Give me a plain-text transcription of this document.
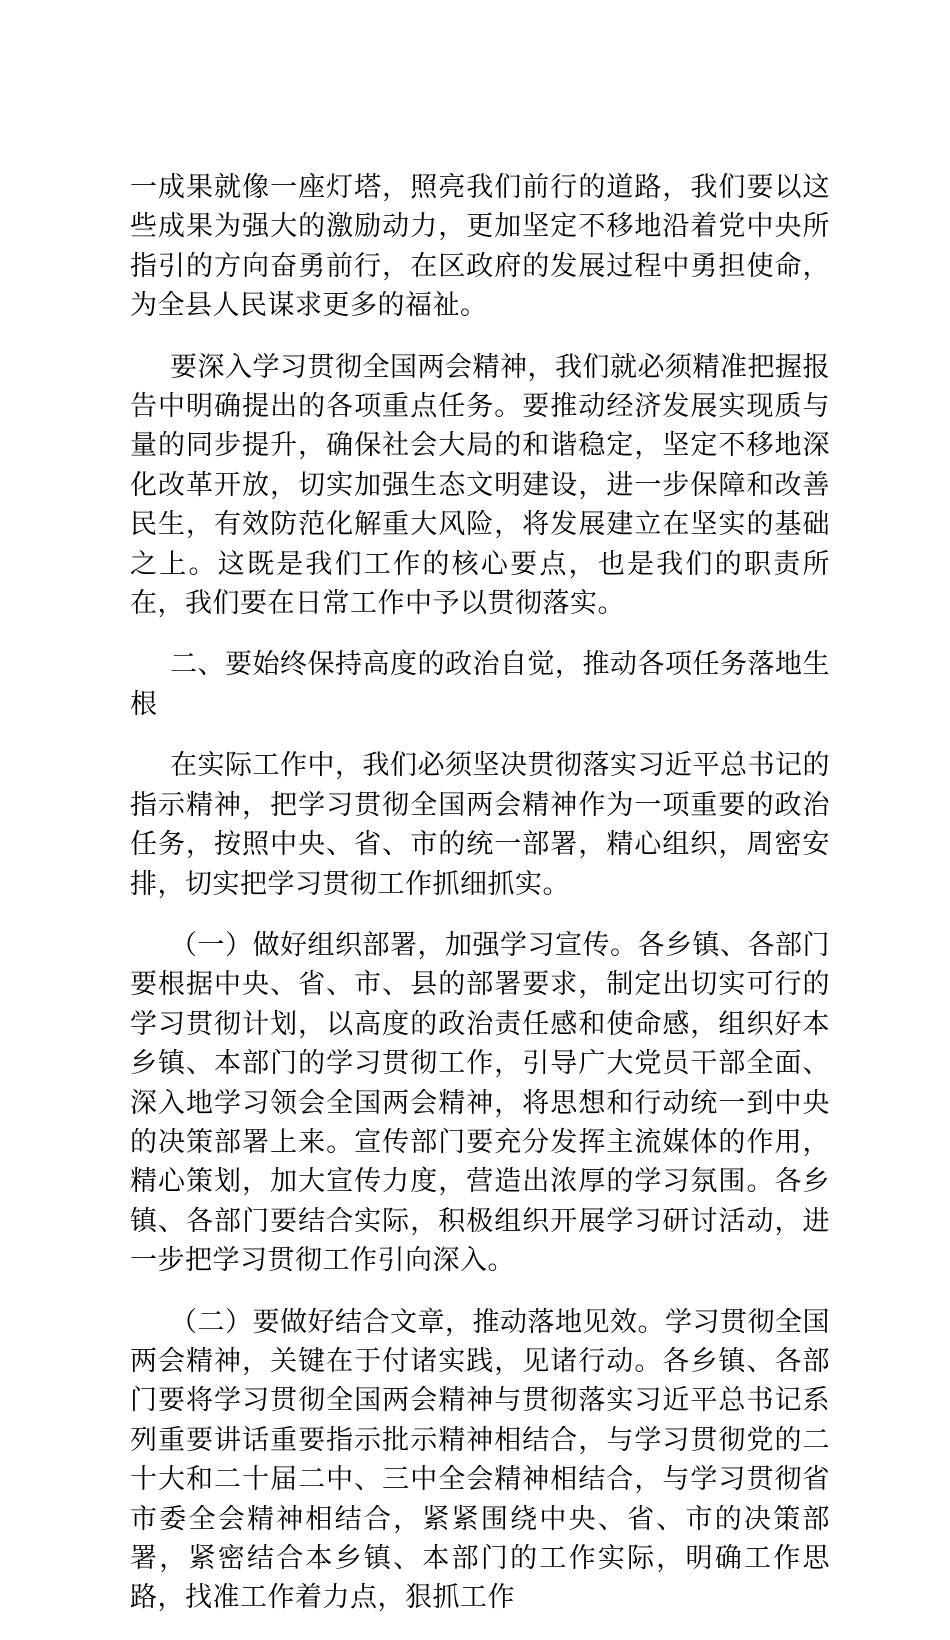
一成果就像一座灯塔，照亮我们前行的道路，我们要以这些成果为强大的激励动力，更加坚定不移地沿着党中央所指引的方向奋勇前行，在区政府的发展过程中勇担使命，为全县人民谋求更多的福祉。

要深入学习贯彻全国两会精神，我们就必须精准把握报告中明确提出的各项重点任务。要推动经济发展实现质与量的同步提升，确保社会大局的和谐稳定，坚定不移地深化改革开放，切实加强生态文明建设，进一步保障和改善民生，有效防范化解重大风险，将发展建立在坚实的基础之上。这既是我们工作的核心要点，也是我们的职责所在，我们要在日常工作中予以贯彻落实。

二、要始终保持高度的政治自觉，推动各项任务落地生根

在实际工作中，我们必须坚决贯彻落实习近平总书记的指示精神，把学习贯彻全国两会精神作为一项重要的政治任务，按照中央、省、市的统一部署，精心组织，周密安排，切实把学习贯彻工作抓细抓实。

（一）做好组织部署，加强学习宣传。各乡镇、各部门要根据中央、省、市、县的部署要求，制定出切实可行的学习贯彻计划，以高度的政治责任感和使命感，组织好本乡镇、本部门的学习贯彻工作，引导广大党员干部全面、深入地学习领会全国两会精神，将思想和行动统一到中央的决策部署上来。宣传部门要充分发挥主流媒体的作用，精心策划，加大宣传力度，营造出浓厚的学习氛围。各乡镇、各部门要结合实际，积极组织开展学习研讨活动，进一步把学习贯彻工作引向深入。

（二）要做好结合文章，推动落地见效。学习贯彻全国两会精神，关键在于付诸实践，见诸行动。各乡镇、各部门要将学习贯彻全国两会精神与贯彻落实习近平总书记系列重要讲话重要指示批示精神相结合，与学习贯彻党的二十大和二十届二中、三中全会精神相结合，与学习贯彻省市委全会精神相结合，紧紧围绕中央、省、市的决策部署，紧密结合本乡镇、本部门的工作实际，明确工作思路，找准工作着力点，狠抓工作
